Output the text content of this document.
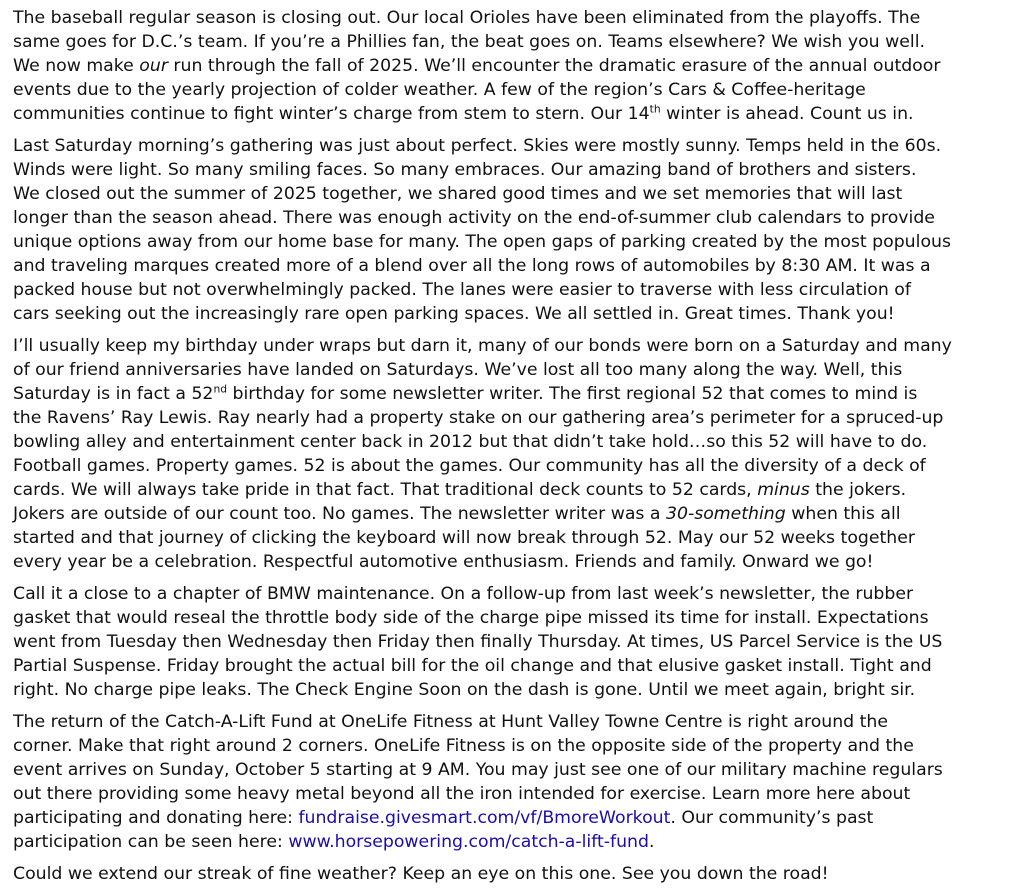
The baseball regular season is closing out. Our local Orioles have been eliminated from the playoffs. The
same goes for D.C.’s team. If you’re a Phillies fan, the beat goes on. Teams elsewhere? We wish you well.
We now make our run through the fall of 2025. We’ll encounter the dramatic erasure of the annual outdoor
events due to the yearly projection of colder weather. A few of the region’s Cars & Coffee-heritage
communities continue to fight winter’s charge from stem to stern. Our 14th winter is ahead. Count us in.
Last Saturday morning’s gathering was just about perfect. Skies were mostly sunny. Temps held in the 60s.
Winds were light. So many smiling faces. So many embraces. Our amazing band of brothers and sisters.
We closed out the summer of 2025 together, we shared good times and we set memories that will last
longer than the season ahead. There was enough activity on the end-of-summer club calendars to provide
unique options away from our home base for many. The open gaps of parking created by the most populous
and traveling marques created more of a blend over all the long rows of automobiles by 8:30 AM. It was a
packed house but not overwhelmingly packed. The lanes were easier to traverse with less circulation of
cars seeking out the increasingly rare open parking spaces. We all settled in. Great times. Thank you!
I’ll usually keep my birthday under wraps but darn it, many of our bonds were born on a Saturday and many
of our friend anniversaries have landed on Saturdays. We’ve lost all too many along the way. Well, this
Saturday is in fact a 52nd birthday for some newsletter writer. The first regional 52 that comes to mind is
the Ravens’ Ray Lewis. Ray nearly had a property stake on our gathering area’s perimeter for a spruced-up
bowling alley and entertainment center back in 2012 but that didn’t take hold…so this 52 will have to do.
Football games. Property games. 52 is about the games. Our community has all the diversity of a deck of
cards. We will always take pride in that fact. That traditional deck counts to 52 cards, minus the jokers.
Jokers are outside of our count too. No games. The newsletter writer was a 30-something when this all
started and that journey of clicking the keyboard will now break through 52. May our 52 weeks together
every year be a celebration. Respectful automotive enthusiasm. Friends and family. Onward we go!
Call it a close to a chapter of BMW maintenance. On a follow-up from last week’s newsletter, the rubber
gasket that would reseal the throttle body side of the charge pipe missed its time for install. Expectations
went from Tuesday then Wednesday then Friday then finally Thursday. At times, US Parcel Service is the US
Partial Suspense. Friday brought the actual bill for the oil change and that elusive gasket install. Tight and
right. No charge pipe leaks. The Check Engine Soon on the dash is gone. Until we meet again, bright sir.
The return of the Catch-A-Lift Fund at OneLife Fitness at Hunt Valley Towne Centre is right around the
corner. Make that right around 2 corners. OneLife Fitness is on the opposite side of the property and the
event arrives on Sunday, October 5 starting at 9 AM. You may just see one of our military machine regulars
out there providing some heavy metal beyond all the iron intended for exercise. Learn more here about
participating and donating here: fundraise.givesmart.com/vf/BmoreWorkout. Our community’s past
participation can be seen here: www.horsepowering.com/catch-a-lift-fund.
Could we extend our streak of fine weather? Keep an eye on this one. See you down the road!
